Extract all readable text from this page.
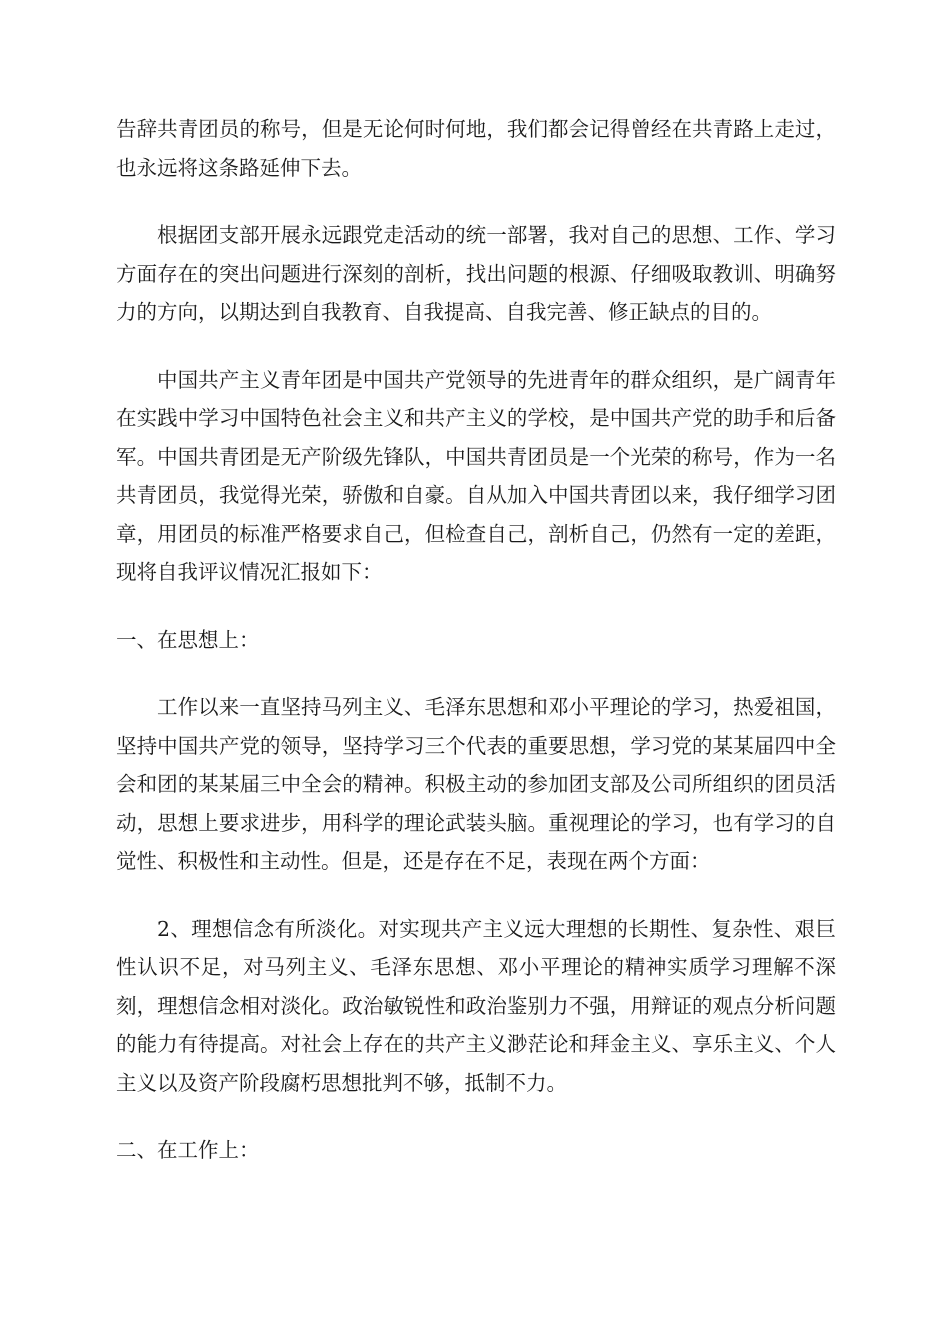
告辞共青团员的称号，但是无论何时何地，我们都会记得曾经在共青路上走过，也永远将这条路延伸下去。

根据团支部开展永远跟党走活动的统一部署，我对自己的思想、工作、学习方面存在的突出问题进行深刻的剖析，找出问题的根源、仔细吸取教训、明确努力的方向，以期达到自我教育、自我提高、自我完善、修正缺点的目的。

中国共产主义青年团是中国共产党领导的先进青年的群众组织，是广阔青年在实践中学习中国特色社会主义和共产主义的学校，是中国共产党的助手和后备军。中国共青团是无产阶级先锋队，中国共青团员是一个光荣的称号，作为一名共青团员，我觉得光荣，骄傲和自豪。自从加入中国共青团以来，我仔细学习团章，用团员的标准严格要求自己，但检查自己，剖析自己，仍然有一定的差距，现将自我评议情况汇报如下：

一、在思想上：

工作以来一直坚持马列主义、毛泽东思想和邓小平理论的学习，热爱祖国，坚持中国共产党的领导，坚持学习三个代表的重要思想，学习党的某某届四中全会和团的某某届三中全会的精神。积极主动的参加团支部及公司所组织的团员活动，思想上要求进步，用科学的理论武装头脑。重视理论的学习，也有学习的自觉性、积极性和主动性。但是，还是存在不足，表现在两个方面：

2、理想信念有所淡化。对实现共产主义远大理想的长期性、复杂性、艰巨性认识不足，对马列主义、毛泽东思想、邓小平理论的精神实质学习理解不深刻，理想信念相对淡化。政治敏锐性和政治鉴别力不强，用辩证的观点分析问题的能力有待提高。对社会上存在的共产主义渺茫论和拜金主义、享乐主义、个人主义以及资产阶段腐朽思想批判不够，抵制不力。

二、在工作上：
